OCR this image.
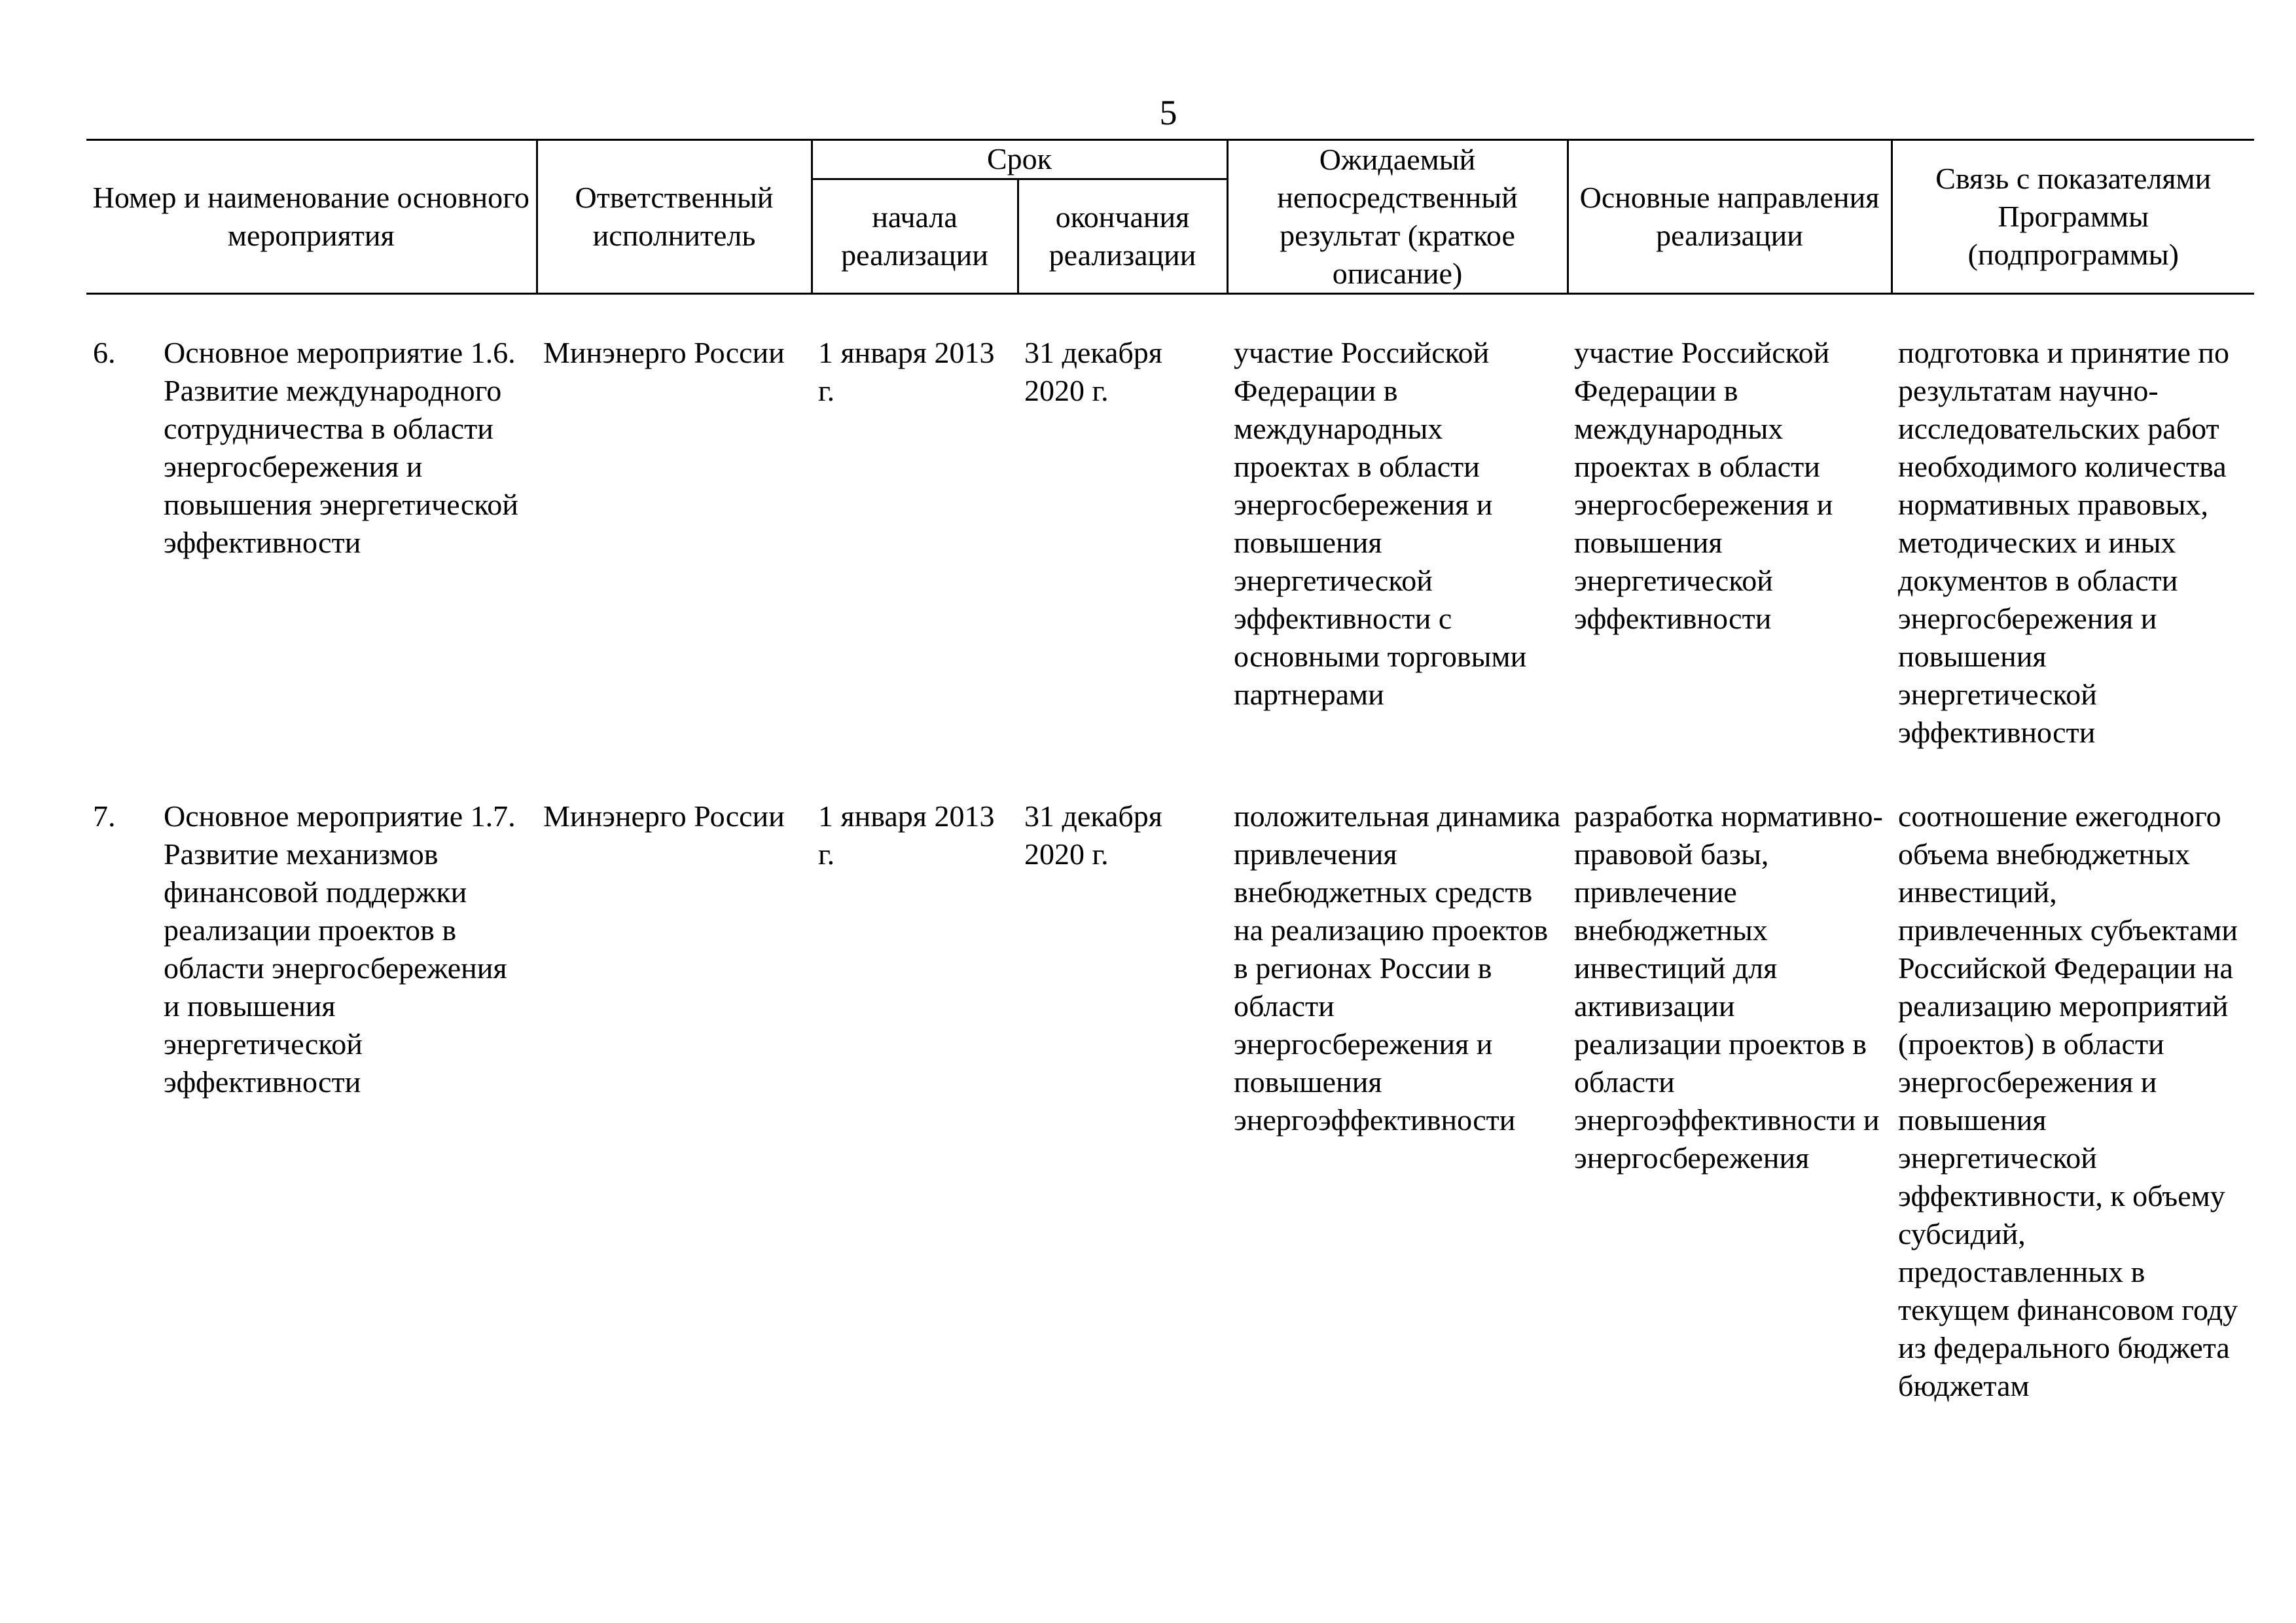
5
Номер и наименование основного мероприятия		Ответственный исполнитель	Срок		Ожидаемый непосредственный результат (краткое описание)	Основные направления реализации	Связь с показателями Программы (подпрограммы)
			начала реализации	окончания реализации			

6.	Основное мероприятие 1.6. Развитие международного сотрудничества в области энергосбережения и повышения энергетической эффективности	Минэнерго России	1 января 2013 г.	31 декабря 2020 г.	участие Российской Федерации в международных проектах в области энергосбережения и повышения энергетической эффективности с основными торговыми партнерами	участие Российской Федерации в международных проектах в области энергосбережения и повышения энергетической эффективности	подготовка и принятие по результатам научно-исследовательских работ необходимого количества нормативных правовых, методических и иных документов в области энергосбережения и повышения энергетической эффективности

7.	Основное мероприятие 1.7. Развитие механизмов финансовой поддержки реализации проектов в области энергосбережения и повышения энергетической эффективности	Минэнерго России	1 января 2013 г.	31 декабря 2020 г.	положительная динамика привлечения внебюджетных средств на реализацию проектов в регионах России в области энергосбережения и повышения энергоэффективности	разработка нормативно-правовой базы, привлечение внебюджетных инвестиций для активизации реализации проектов в области энергоэффективности и энергосбережения	соотношение ежегодного объема внебюджетных инвестиций, привлеченных субъектами Российской Федерации на реализацию мероприятий (проектов) в области энергосбережения и повышения энергетической эффективности, к объему субсидий, предоставленных в текущем финансовом году из федерального бюджета бюджетам
